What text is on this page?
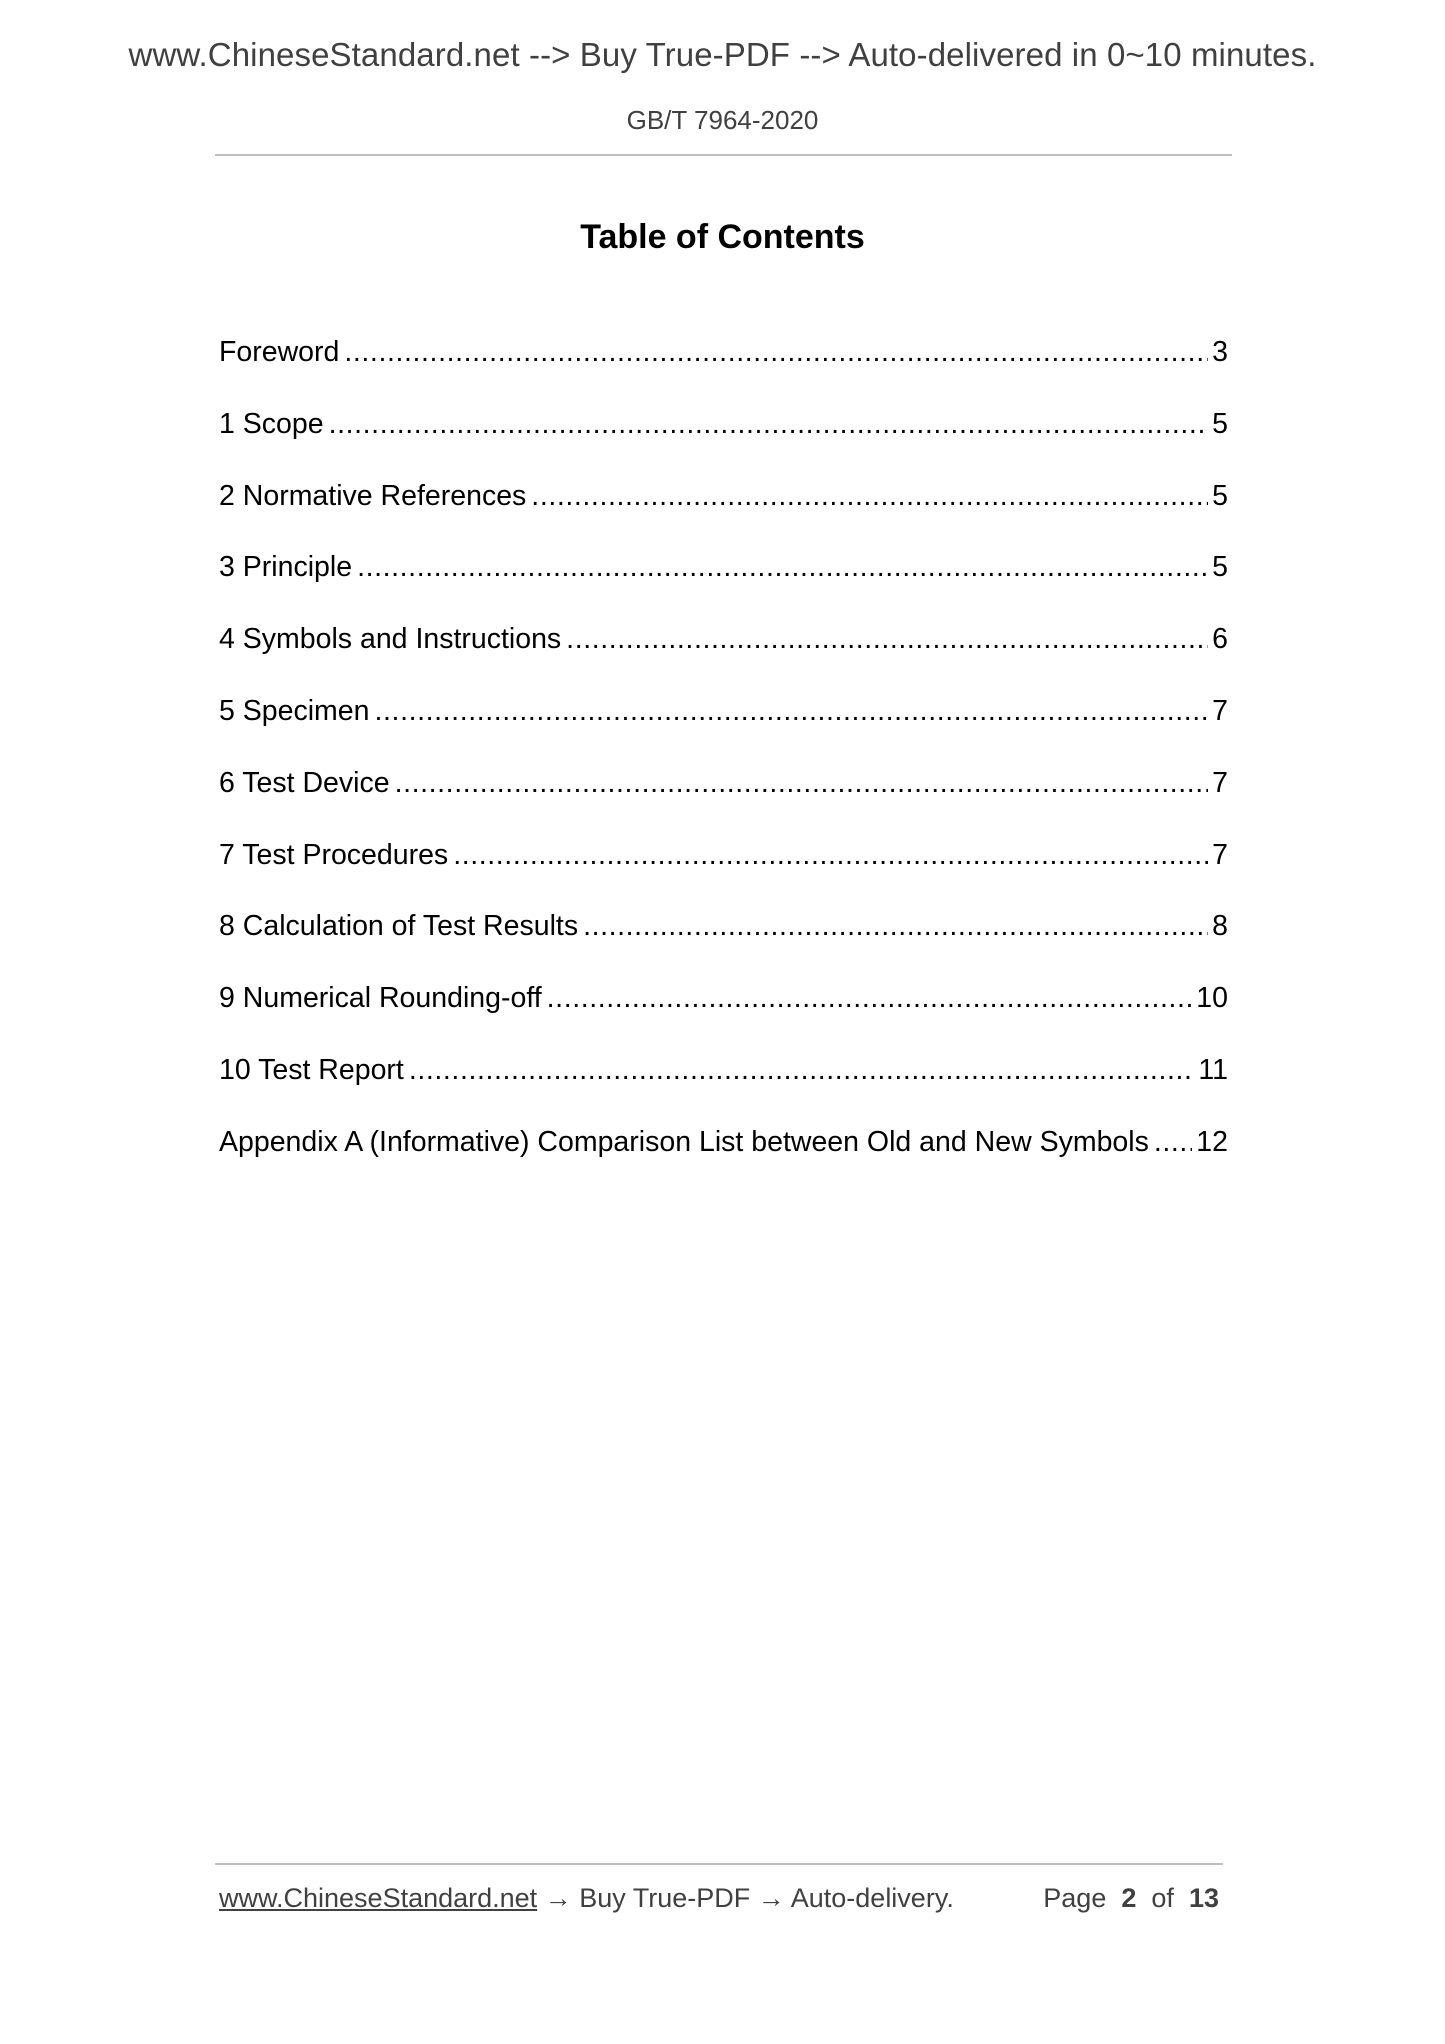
www.ChineseStandard.net --> Buy True-PDF --> Auto-delivered in 0~10 minutes.
GB/T 7964-2020
Table of Contents
Foreword .....	3
1 Scope .....	5
2 Normative References .....	5
3 Principle .....	5
4 Symbols and Instructions .....	6
5 Specimen .....	7
6 Test Device .....	7
7 Test Procedures .....	7
8 Calculation of Test Results .....	8
9 Numerical Rounding-off .....	10
10 Test Report .....	11
Appendix A (Informative) Comparison List between Old and New Symbols ..... 12
www.ChineseStandard.net → Buy True-PDF → Auto-delivery.	Page 2 of 13
